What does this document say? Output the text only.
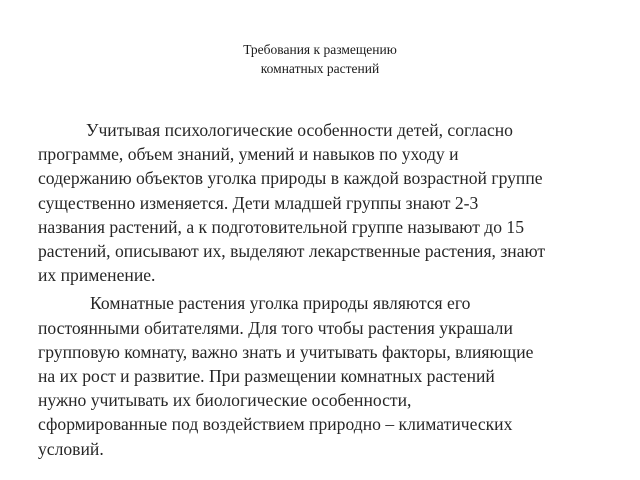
Требования к размещению
комнатных растений

Учитывая психологические особенности детей, согласно
программе, объем знаний, умений и навыков по уходу и
содержанию объектов уголка природы в каждой возрастной группе
существенно изменяется. Дети младшей группы знают 2-3
названия растений, а к подготовительной группе называют до 15
растений, описывают их, выделяют лекарственные растения, знают
их применение.

Комнатные растения уголка природы являются его
постоянными обитателями. Для того чтобы растения украшали
групповую комнату, важно знать и учитывать факторы, влияющие
на их рост и развитие. При размещении комнатных растений
нужно учитывать их биологические особенности,
сформированные под воздействием природно – климатических
условий.
